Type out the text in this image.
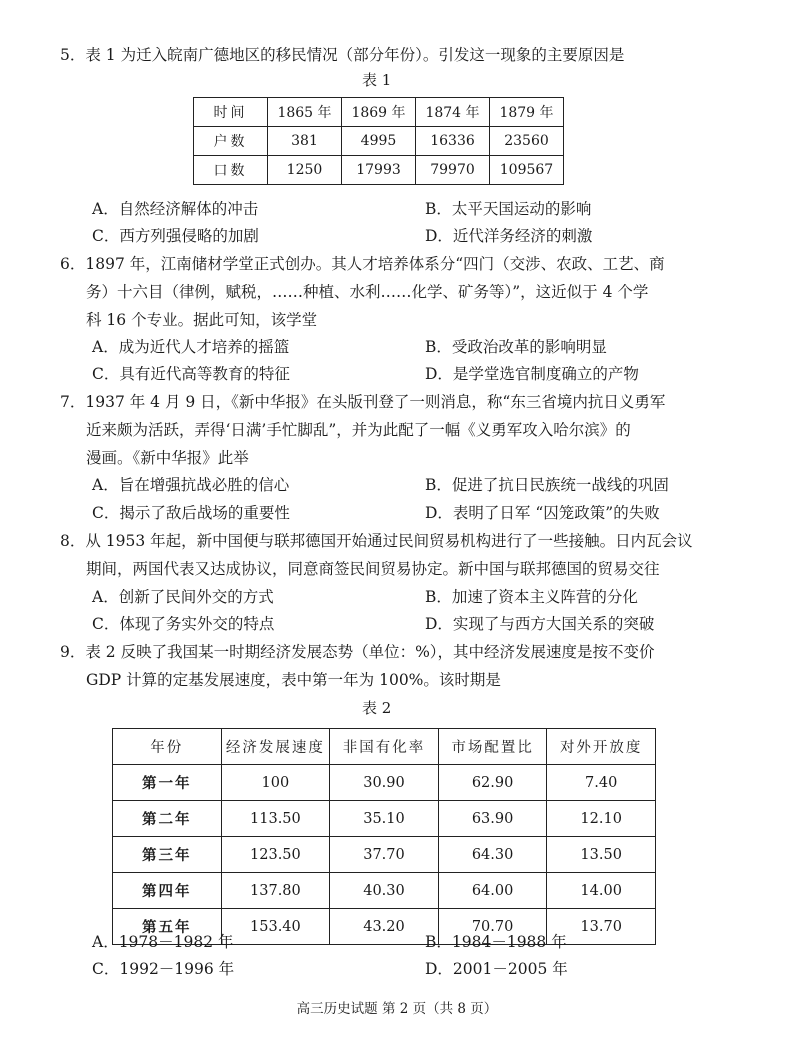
5．表 1 为迁入皖南广德地区的移民情况（部分年份）。引发这一现象的主要原因是
表 1
时间	1865 年	1869 年	1874 年	1879 年
户数	381	4995	16336	23560
口数	1250	17993	79970	109567
A．自然经济解体的冲击	B．太平天国运动的影响
C．西方列强侵略的加剧	D．近代洋务经济的刺激
6．1897 年，江南储材学堂正式创办。其人才培养体系分“四门（交涉、农政、工艺、商
务）十六目（律例，赋税，……种植、水利……化学、矿务等）”，这近似于 4 个学
科 16 个专业。据此可知，该学堂
A．成为近代人才培养的摇篮	B．受政治改革的影响明显
C．具有近代高等教育的特征	D．是学堂选官制度确立的产物
7．1937 年 4 月 9 日，《新中华报》在头版刊登了一则消息，称“东三省境内抗日义勇军
近来颇为活跃，弄得‘日满’手忙脚乱”，并为此配了一幅《义勇军攻入哈尔滨》的
漫画。《新中华报》此举
A．旨在增强抗战必胜的信心	B．促进了抗日民族统一战线的巩固
C．揭示了敌后战场的重要性	D．表明了日军 “囚笼政策”的失败
8．从 1953 年起，新中国便与联邦德国开始通过民间贸易机构进行了一些接触。日内瓦会议
期间，两国代表又达成协议，同意商签民间贸易协定。新中国与联邦德国的贸易交往
A．创新了民间外交的方式	B．加速了资本主义阵营的分化
C．体现了务实外交的特点	D．实现了与西方大国关系的突破
9．表 2 反映了我国某一时期经济发展态势（单位：%），其中经济发展速度是按不变价
GDP 计算的定基发展速度，表中第一年为 100%。该时期是
表 2
年份	经济发展速度	非国有化率	市场配置比	对外开放度
第一年	100	30.90	62.90	7.40
第二年	113.50	35.10	63.90	12.10
第三年	123.50	37.70	64.30	13.50
第四年	137.80	40.30	64.00	14.00
第五年	153.40	43.20	70.70	13.70
A．1978－1982 年	B．1984－1988 年
C．1992－1996 年	D．2001－2005 年
高三历史试题 第 2 页（共 8 页）
